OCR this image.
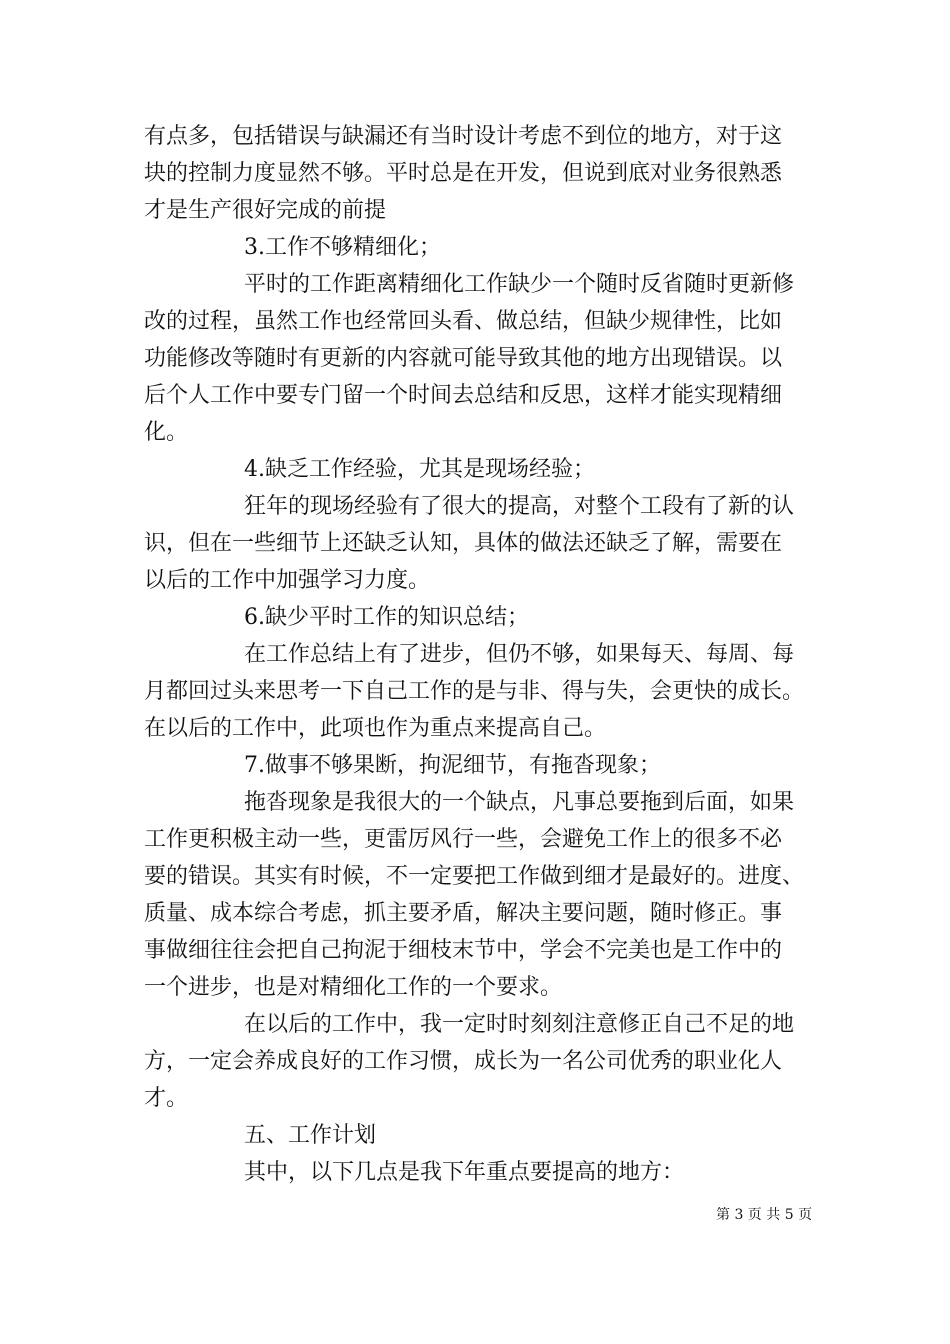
有点多，包括错误与缺漏还有当时设计考虑不到位的地方，对于这
块的控制力度显然不够。平时总是在开发，但说到底对业务很熟悉
才是生产很好完成的前提
3.工作不够精细化；
平时的工作距离精细化工作缺少一个随时反省随时更新修
改的过程，虽然工作也经常回头看、做总结，但缺少规律性，比如
功能修改等随时有更新的内容就可能导致其他的地方出现错误。以
后个人工作中要专门留一个时间去总结和反思，这样才能实现精细
化。
4.缺乏工作经验，尤其是现场经验；
狂年的现场经验有了很大的提高，对整个工段有了新的认
识，但在一些细节上还缺乏认知，具体的做法还缺乏了解，需要在
以后的工作中加强学习力度。
6.缺少平时工作的知识总结；
在工作总结上有了进步，但仍不够，如果每天、每周、每
月都回过头来思考一下自己工作的是与非、得与失，会更快的成长。
在以后的工作中，此项也作为重点来提高自己。
7.做事不够果断，拘泥细节，有拖沓现象；
拖沓现象是我很大的一个缺点，凡事总要拖到后面，如果
工作更积极主动一些，更雷厉风行一些，会避免工作上的很多不必
要的错误。其实有时候，不一定要把工作做到细才是最好的。进度、
质量、成本综合考虑，抓主要矛盾，解决主要问题，随时修正。事
事做细往往会把自己拘泥于细枝末节中，学会不完美也是工作中的
一个进步，也是对精细化工作的一个要求。
在以后的工作中，我一定时时刻刻注意修正自己不足的地
方，一定会养成良好的工作习惯，成长为一名公司优秀的职业化人
才。
五、工作计划
其中，以下几点是我下年重点要提高的地方：
第 3 页 共 5 页
